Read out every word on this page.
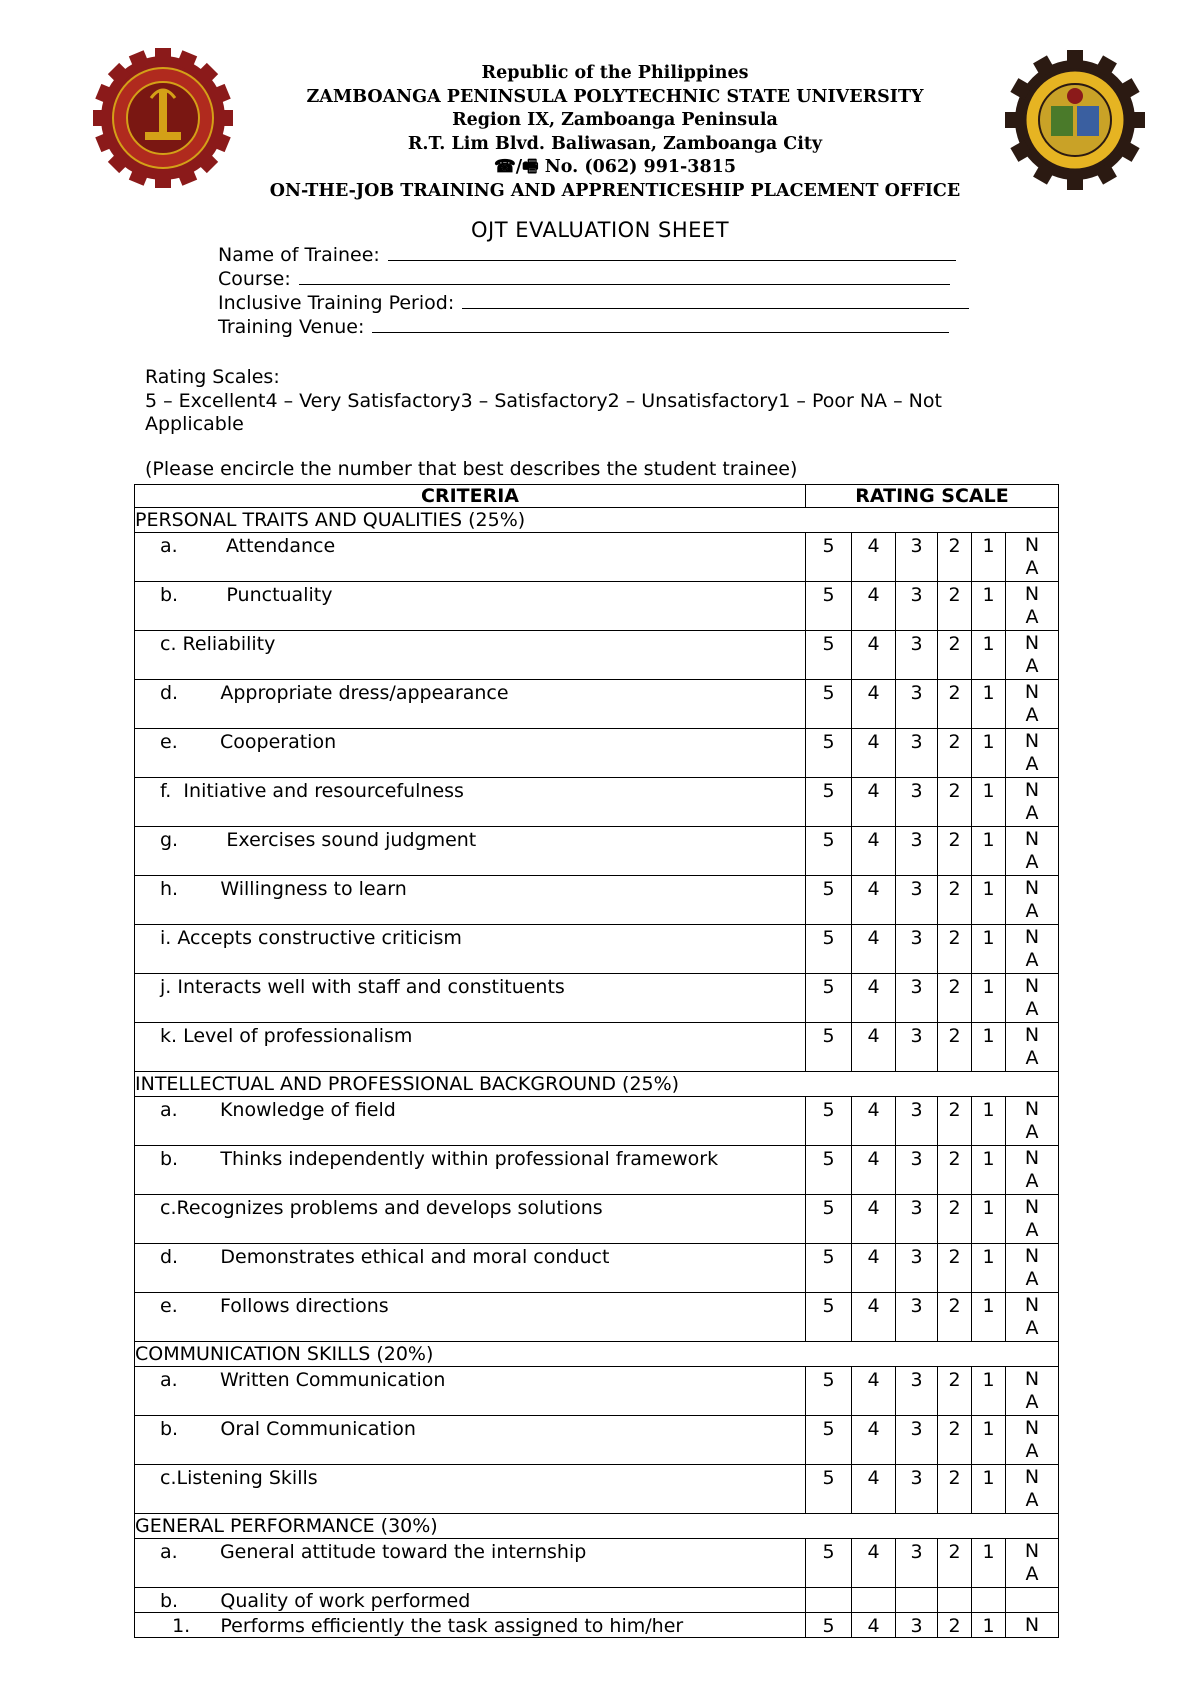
Republic of the Philippines
ZAMBOANGA PENINSULA POLYTECHNIC STATE UNIVERSITY
Region IX, Zamboanga Peninsula
R.T. Lim Blvd. Baliwasan, Zamboanga City
☎/🖷 No. (062) 991-3815
ON-THE-JOB TRAINING AND APPRENTICESHIP PLACEMENT OFFICE
OJT EVALUATION SHEET
Name of Trainee:
Course:
Inclusive Training Period:
Training Venue:
Rating Scales:
5 – Excellent4 – Very Satisfactory3 – Satisfactory2 – Unsatisfactory1 – Poor NA – Not Applicable
(Please encircle the number that best describes the student trainee)
CRITERIA	RATING SCALE					
PERSONAL TRAITS AND QUALITIES (25%)						
a.        Attendance	5	4	3	2	1	N
A

b.        Punctuality	5	4	3	2	1	N
A

c. Reliability	5	4	3	2	1	N
A

d.       Appropriate dress/appearance	5	4	3	2	1	N
A

e.       Cooperation	5	4	3	2	1	N
A

f.  Initiative and resourcefulness	5	4	3	2	1	N
A

g.        Exercises sound judgment	5	4	3	2	1	N
A

h.       Willingness to learn	5	4	3	2	1	N
A

i. Accepts constructive criticism	5	4	3	2	1	N
A

j. Interacts well with staff and constituents	5	4	3	2	1	N
A

k. Level of professionalism	5	4	3	2	1	N
A

INTELLECTUAL AND PROFESSIONAL BACKGROUND (25%)						
a.       Knowledge of field	5	4	3	2	1	N
A

b.       Thinks independently within professional framework	5	4	3	2	1	N
A

c.Recognizes problems and develops solutions	5	4	3	2	1	N
A

d.       Demonstrates ethical and moral conduct	5	4	3	2	1	N
A

e.       Follows directions	5	4	3	2	1	N
A

COMMUNICATION SKILLS (20%)						
a.       Written Communication	5	4	3	2	1	N
A

b.       Oral Communication	5	4	3	2	1	N
A

c.Listening Skills	5	4	3	2	1	N
A

GENERAL PERFORMANCE (30%)						
a.       General attitude toward the internship	5	4	3	2	1	N
A

b.       Quality of work performed						
1.     Performs efficiently the task assigned to him/her	5	4	3	2	1	N
